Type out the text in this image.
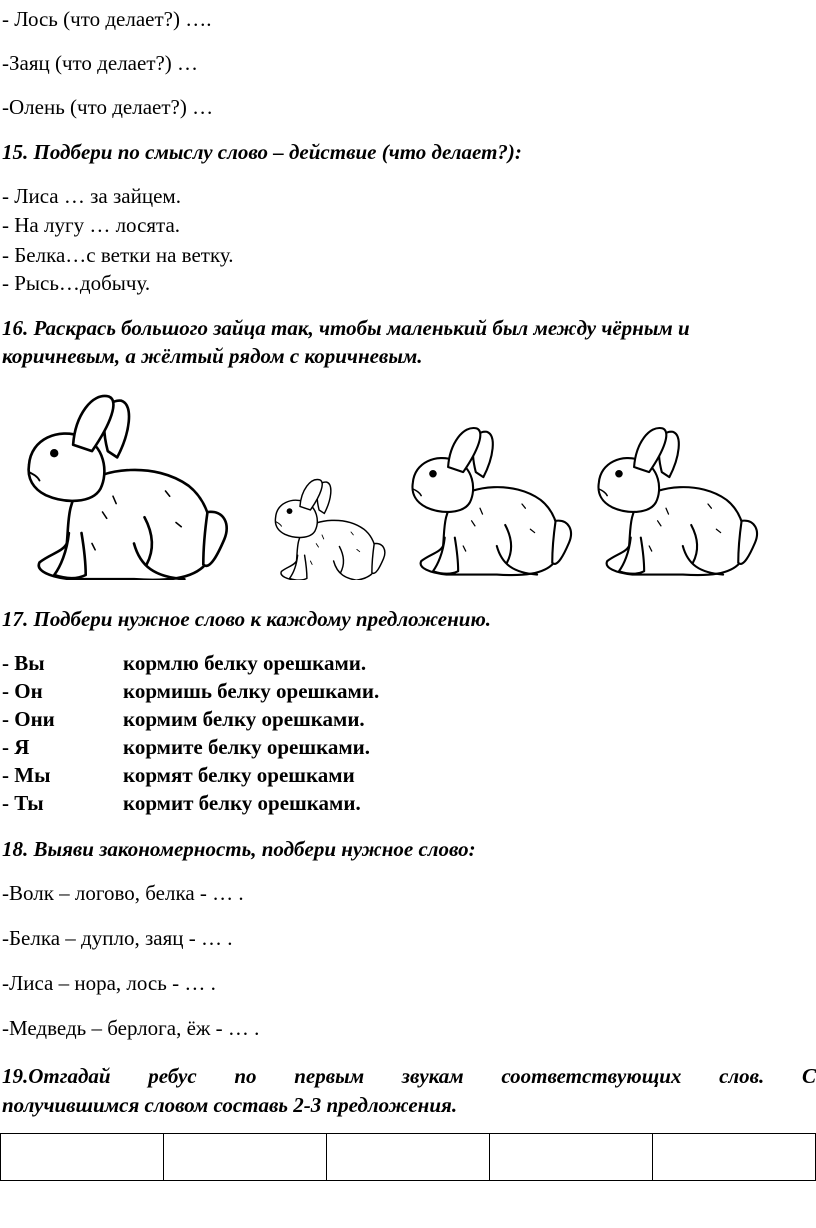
- Лось (что делает?) ….
-Заяц (что делает?) …
-Олень (что делает?) …
15. Подбери по смыслу слово – действие (что делает?):
- Лиса … за зайцем.
- На лугу … лосята.
- Белка…с ветки на ветку.
- Рысь…добычу.
16. Раскрась большого зайца так, чтобы маленький был между чёрным и
коричневым, а жёлтый рядом с коричневым.
17. Подбери нужное слово к каждому предложению.
- Вы	кормлю белку орешками.
- Он	кормишь белку орешками.
- Они	кормим белку орешками.
- Я	кормите белку орешками.
- Мы	кормят белку орешками
- Ты	кормит белку орешками.
18. Выяви закономерность, подбери нужное слово:
-Волк – логово, белка - … .
-Белка – дупло, заяц - … .
-Лиса – нора, лось - … .
-Медведь – берлога, ёж - … .
19.Отгадай ребус по первым звукам соответствующих слов. С
получившимся словом составь 2-3 предложения.
